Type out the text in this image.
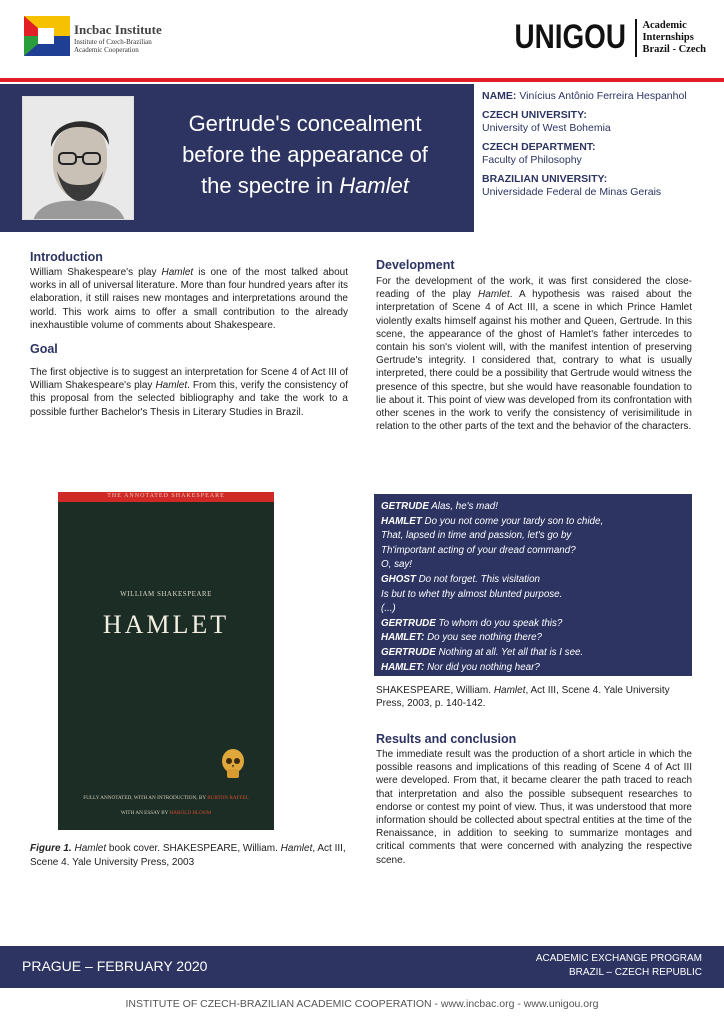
Incbac Institute
Institute of Czech-Brazilian
Academic Cooperation	UNIGOU Academic
Internships
Brazil - Czech
Gertrude's concealment
before the appearance of
the spectre in Hamlet
NAME: Vinícius Antônio Ferreira Hespanhol
CZECH UNIVERSITY:
University of West Bohemia
CZECH DEPARTMENT:
Faculty of Philosophy
BRAZILIAN UNIVERSITY:
Universidade Federal de Minas Gerais
Introduction

William Shakespeare's play Hamlet is one of the most talked about works in all of universal literature. More than four hundred years after its elaboration, it still raises new montages and interpretations around the world. This work aims to offer a small contribution to the already inexhaustible volume of comments about Shakespeare.

Goal

The first objective is to suggest an interpretation for Scene 4 of Act III of William Shakespeare's play Hamlet. From this, verify the consistency of this proposal from the selected bibliography and take the work to a possible further Bachelor's Thesis in Literary Studies in Brazil.

THE ANNOTATED SHAKESPEARE
WILLIAM SHAKESPEARE
HAMLET
FULLY ANNOTATED, WITH AN INTRODUCTION, BY BURTON RAFFEL
WITH AN ESSAY BY HAROLD BLOOM
Figure 1. Hamlet book cover. SHAKESPEARE, William. Hamlet, Act III, Scene 4. Yale University Press, 2003
Development

For the development of the work, it was first considered the close-reading of the play Hamlet. A hypothesis was raised about the interpretation of Scene 4 of Act III, a scene in which Prince Hamlet violently exalts himself against his mother and Queen, Gertrude. In this scene, the appearance of the ghost of Hamlet's father intercedes to contain his son's violent will, with the manifest intention of preserving Gertrude's integrity. I considered that, contrary to what is usually interpreted, there could be a possibility that Gertrude would witness the presence of this spectre, but she would have reasonable foundation to lie about it. This point of view was developed from its confrontation with other scenes in the work to verify the consistency of verisimilitude in relation to the other parts of the text and the behavior of the characters.

GETRUDE Alas, he's mad!
HAMLET Do you not come your tardy son to chide,
That, lapsed in time and passion, let's go by
Th'important acting of your dread command?
O, say!
GHOST Do not forget. This visitation
Is but to whet thy almost blunted purpose.
(...)
GERTRUDE To whom do you speak this?
HAMLET: Do you see nothing there?
GERTRUDE Nothing at all. Yet all that is I see.
HAMLET: Nor did you nothing hear?
SHAKESPEARE, William. Hamlet, Act III, Scene 4. Yale University Press, 2003, p. 140-142.
Results and conclusion

The immediate result was the production of a short article in which the possible reasons and implications of this reading of Scene 4 of Act III were developed. From that, it became clearer the path traced to reach that interpretation and also the possible subsequent researches to endorse or contest my point of view. Thus, it was understood that more information should be collected about spectral entities at the time of the Renaissance, in addition to seeking to summarize montages and critical comments that were concerned with analyzing the respective scene.

PRAGUE – FEBRUARY 2020	ACADEMIC EXCHANGE PROGRAM
BRAZIL – CZECH REPUBLIC
INSTITUTE OF CZECH-BRAZILIAN ACADEMIC COOPERATION - www.incbac.org - www.unigou.org
